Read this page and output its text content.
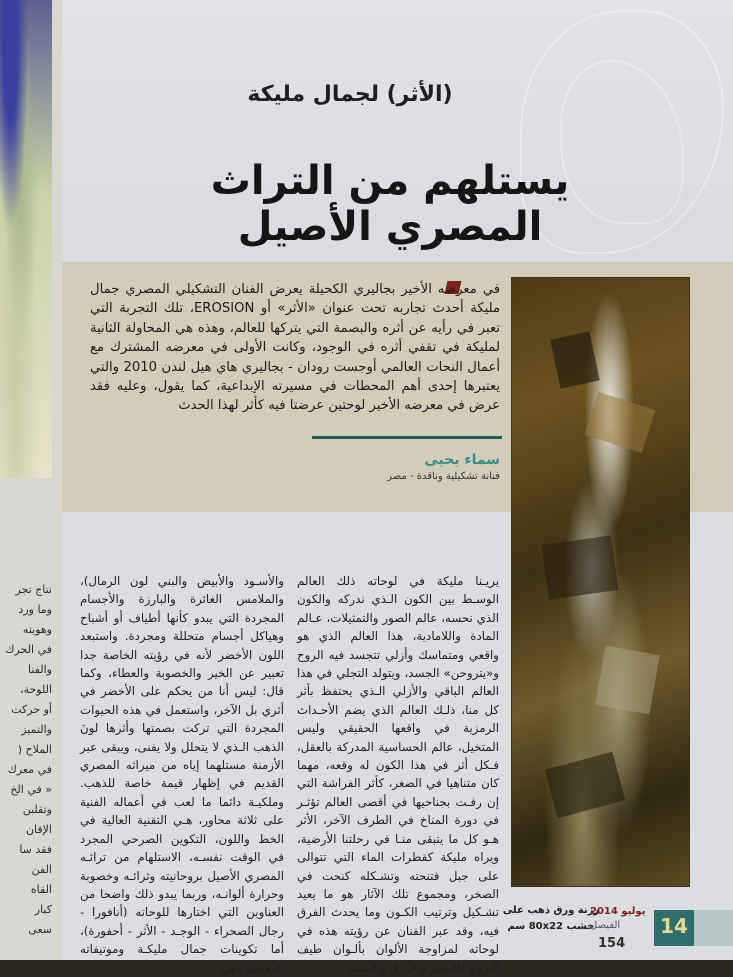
نتاج تجر
وما ورد
وهويته
في الحرك
والفنا
اللوحة،
أو حركت
والتميز
الملاح (
في معرك
« في الخ
وتقلبن
الإفان
فقد سا
الفن
القاه
كبار
سعى
(الأثر) لجمال مليكة
يستلهم من التراث المصري الأصيل
في معرضه الأخير بجاليري الكحيلة يعرض الفنان التشكيلي المصري جمال مليكة أحدث تجاربه تحت عنوان «الأثر» أو EROSION، تلك التجربة التي تعبر في رأيه عن أثره والبصمة التي يتركها للعالم، وهذه هي المحاولة الثانية لمليكة في تقفي أثره في الوجود، وكانت الأولى في معرضه المشترك مع أعمال النحات العالمي أوجست رودان - بجاليري هاي هيل لندن 2010 والتي يعتبرها إحدى أهم المحطات في مسيرته الإبداعية، كما يقول، وعليه فقد عرض في معرضه الأخير لوحتين عرضتا فيه كأثر لهذا الحدث
سماء يحيى
فنانة تشكيلية وناقدة - مصر
يريـنا مليكة في لوحاته ذلك العالم الوسـط بين الكون الـذي ندركه والكون الذي نحسه، عالم الصور والتمثيلات، عـالم المادة واللامادية، هذا العالم الذي هو واقعي ومتماسك وأزلي تتجسد فيه الروح و«يتروحن» الجسد، ويتولد التجلي في هذا العالم الباقي والأزلي الـذي يحتفظ بأثر كل منا، ذلـك العالم الذي يضم الأحـداث الرمزية في واقعها الحقيقي وليس المتخيل، عالم الحساسية المدركة بالعقل، فـكل أثر في هذا الكون له وقعه، مهما كان متناهيا في الصغر، كأثر الفراشة التي إن رفـت بجناحيها في أقصى العالم تؤثـر في دورة المناخ في الطرف الآخر، الأثر هـو كل ما يتبقى منـا في رحلتنا الأرضية، ويراه مليكة كقطرات الماء التي تتوالى على جبل فتنحته وتشـكله كنحت في الصخر، ومجموع تلك الآثار هو ما يعيد تشـكيل وترتيب الكـون وما يحدث الفرق فيه، وقد عبر الفنان عن رؤيته هذه في لوحاته لمزاوجة الألوان بألـوان طيف الـروح (الأحمر والأزرق والأصفر
والأسـود والأبيض والبني لون الرمال)، والملامس الغائرة والبارزة والأجسام المجردة التي يبدو كأنها أطياف أو أشباح وهياكل أجسام متحللة ومجردة. واستبعد اللون الأخضر لأنه في رؤيته الخاصة جدا تعبير عن الخير والخصوبة والعطاء، وكما قال: ليس أنا من يحكم على الأخضر في أثري بل الآخر، واستعمل في هذه الحيوات المجردة التي تركت بصمتها وأثرها لونَ الذهب الـذي لا يتحلل ولا يفنى، ويبقى عبر الأزمنة مستلهما إياه من ميراثه المصري القديم في إظهار قيمة خاصة للذهب. وملكيـة دائما ما لعب في أعماله الفنية على ثلاثة محاور، هـي التقنية العالية في الخط واللون، التكوين الصرحي المجرد في الوقت نفسـه، الاستلهام من تراثـه المصري الأصيل بروحانيته وثرائـه وخصوبة وحرارة ألوانـه، وربما يبدو ذلك واضحا من العناوين التي اختارها للوحاته (أنافورا - رجال الصحراء - الوجـد - الأثر - أحفورة)، أما تكوينات جمال مليكـة وموتيفاته الأيقونية فهي
رزنة ورق ذهب على
خشب 80x22 سم
يوليو 2014
الفيصل
154
14
